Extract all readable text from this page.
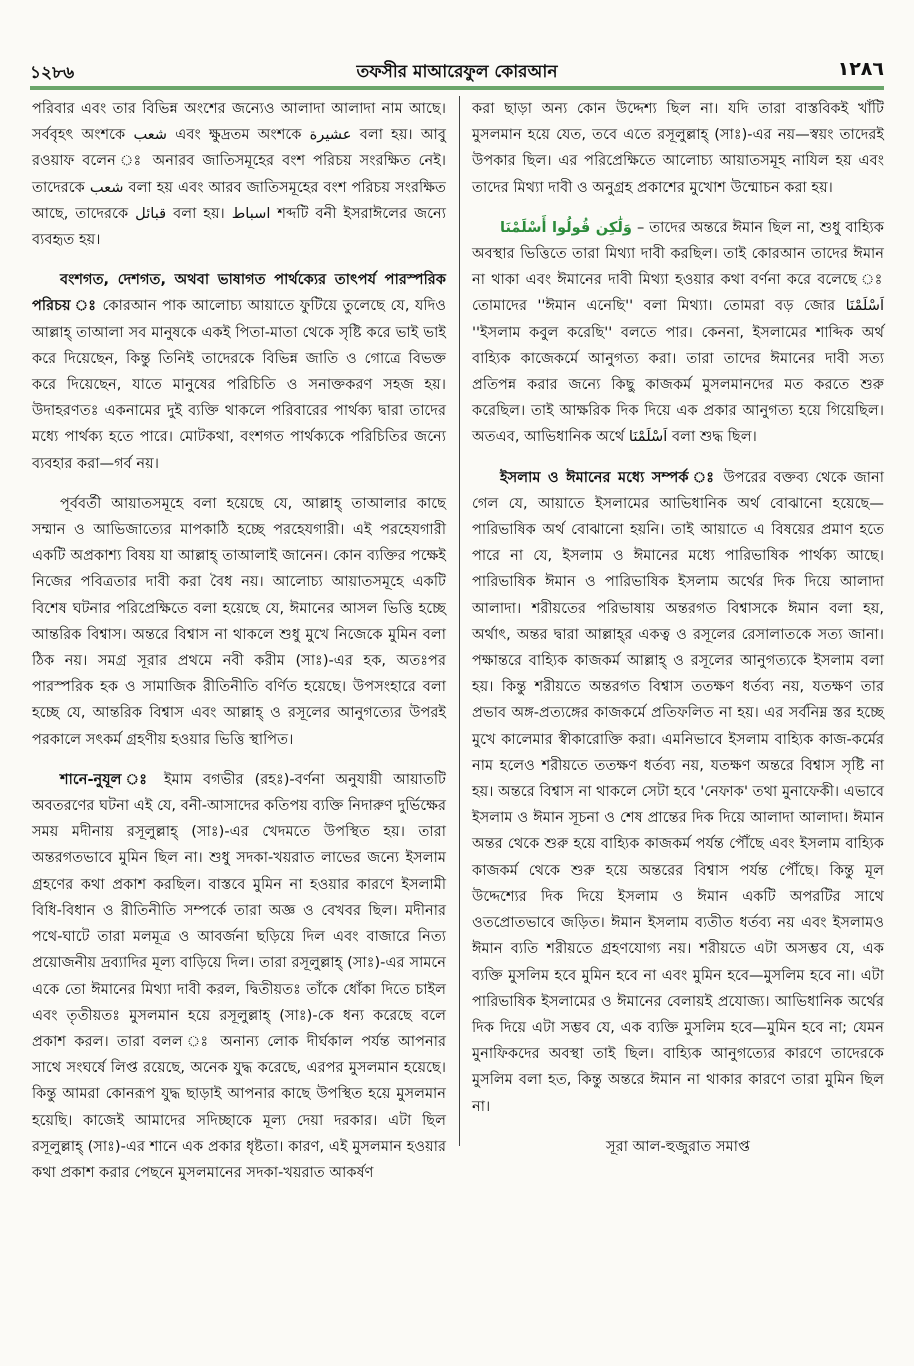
১২৮৬	তফসীর মাআরেফুল কোরআন	١٢٨٦

পরিবার এবং তার বিভিন্ন অংশের জন্যেও আলাদা আলাদা নাম আছে। সর্ববৃহৎ অংশকে شعب এবং ক্ষুদ্রতম অংশকে عشيرة বলা হয়। আবু রওয়াফ বলেন ঃ অনারব জাতিসমূহের বংশ পরিচয় সংরক্ষিত নেই। তাদেরকে شعب বলা হয় এবং আরব জাতিসমূহের বংশ পরিচয় সংরক্ষিত আছে, তাদেরকে قبائل বলা হয়। اسباط শব্দটি বনী ইসরাঈলের জন্যে ব্যবহৃত হয়।

বংশগত, দেশগত, অথবা ভাষাগত পার্থক্যের তাৎপর্য পারস্পরিক পরিচয় ঃ কোরআন পাক আলোচ্য আয়াতে ফুটিয়ে তুলেছে যে, যদিও আল্লাহ্ তাআলা সব মানুষকে একই পিতা-মাতা থেকে সৃষ্টি করে ভাই ভাই করে দিয়েছেন, কিন্তু তিনিই তাদেরকে বিভিন্ন জাতি ও গোত্রে বিভক্ত করে দিয়েছেন, যাতে মানুষের পরিচিতি ও সনাক্তকরণ সহজ হয়। উদাহরণতঃ একনামের দুই ব্যক্তি থাকলে পরিবারের পার্থক্য দ্বারা তাদের মধ্যে পার্থক্য হতে পারে। মোটকথা, বংশগত পার্থক্যকে পরিচিতির জন্যে ব্যবহার করা—গর্ব নয়।

পূর্ববর্তী আয়াতসমূহে বলা হয়েছে যে, আল্লাহ্ তাআলার কাছে সম্মান ও আভিজাত্যের মাপকাঠি হচ্ছে পরহেযগারী। এই পরহেযগারী একটি অপ্রকাশ্য বিষয় যা আল্লাহ্ তাআলাই জানেন। কোন ব্যক্তির পক্ষেই নিজের পবিত্রতার দাবী করা বৈধ নয়। আলোচ্য আয়াতসমূহে একটি বিশেষ ঘটনার পরিপ্রেক্ষিতে বলা হয়েছে যে, ঈমানের আসল ভিত্তি হচ্ছে আন্তরিক বিশ্বাস। অন্তরে বিশ্বাস না থাকলে শুধু মুখে নিজেকে মুমিন বলা ঠিক নয়। সমগ্র সূরার প্রথমে নবী করীম (সাঃ)-এর হক, অতঃপর পারস্পরিক হক ও সামাজিক রীতিনীতি বর্ণিত হয়েছে। উপসংহারে বলা হচ্ছে যে, আন্তরিক বিশ্বাস এবং আল্লাহ্ ও রসূলের আনুগত্যের উপরই পরকালে সৎকর্ম গ্রহণীয় হওয়ার ভিত্তি স্থাপিত।

শানে-নুযূল ঃ ইমাম বগভীর (রহঃ)-বর্ণনা অনুযায়ী আয়াতটি অবতরণের ঘটনা এই যে, বনী-আসাদের কতিপয় ব্যক্তি নিদারুণ দুর্ভিক্ষের সময় মদীনায় রসূলুল্লাহ্ (সাঃ)-এর খেদমতে উপস্থিত হয়। তারা অন্তরগতভাবে মুমিন ছিল না। শুধু সদকা-খয়রাত লাভের জন্যে ইসলাম গ্রহণের কথা প্রকাশ করছিল। বাস্তবে মুমিন না হওয়ার কারণে ইসলামী বিধি-বিধান ও রীতিনীতি সম্পর্কে তারা অজ্ঞ ও বেখবর ছিল। মদীনার পথে-ঘাটে তারা মলমূত্র ও আবর্জনা ছড়িয়ে দিল এবং বাজারে নিত্য প্রয়োজনীয় দ্রব্যাদির মূল্য বাড়িয়ে দিল। তারা রসূলুল্লাহ্ (সাঃ)-এর সামনে একে তো ঈমানের মিথ্যা দাবী করল, দ্বিতীয়তঃ তাঁকে ধোঁকা দিতে চাইল এবং তৃতীয়তঃ মুসলমান হয়ে রসূলুল্লাহ্ (সাঃ)-কে ধন্য করেছে বলে প্রকাশ করল। তারা বলল ঃ অনান্য লোক দীর্ঘকাল পর্যন্ত আপনার সাথে সংঘর্ষে লিপ্ত রয়েছে, অনেক যুদ্ধ করেছে, এরপর মুসলমান হয়েছে। কিন্তু আমরা কোনরূপ যুদ্ধ ছাড়াই আপনার কাছে উপস্থিত হয়ে মুসলমান হয়েছি। কাজেই আমাদের সদিচ্ছাকে মূল্য দেয়া দরকার। এটা ছিল রসূলুল্লাহ্ (সাঃ)-এর শানে এক প্রকার ধৃষ্টতা। কারণ, এই মুসলমান হওয়ার কথা প্রকাশ করার পেছনে মুসলমানের সদকা-খয়রাত আকর্ষণ

করা ছাড়া অন্য কোন উদ্দেশ্য ছিল না। যদি তারা বাস্তবিকই খাঁটি মুসলমান হয়ে যেত, তবে এতে রসূলুল্লাহ্ (সাঃ)-এর নয়—স্বয়ং তাদেরই উপকার ছিল। এর পরিপ্রেক্ষিতে আলোচ্য আয়াতসমূহ নাযিল হয় এবং তাদের মিথ্যা দাবী ও অনুগ্রহ প্রকাশের মুখোশ উন্মোচন করা হয়।

وَلَٰكِن قُولُوا أَسْلَمْنَا – তাদের অন্তরে ঈমান ছিল না, শুধু বাহ্যিক অবস্থার ভিত্তিতে তারা মিথ্যা দাবী করছিল। তাই কোরআন তাদের ঈমান না থাকা এবং ঈমানের দাবী মিথ্যা হওয়ার কথা বর্ণনা করে বলেছে ঃ তোমাদের ''ঈমান এনেছি'' বলা মিথ্যা। তোমরা বড় জোর اَسْلَمْنَا ''ইসলাম কবুল করেছি'' বলতে পার। কেননা, ইসলামের শাব্দিক অর্থ বাহ্যিক কাজেকর্মে আনুগত্য করা। তারা তাদের ঈমানের দাবী সত্য প্রতিপন্ন করার জন্যে কিছু কাজকর্ম মুসলমানদের মত করতে শুরু করেছিল। তাই আক্ষরিক দিক দিয়ে এক প্রকার আনুগত্য হয়ে গিয়েছিল। অতএব, আভিধানিক অর্থে اَسْلَمْنَا বলা শুদ্ধ ছিল।

ইসলাম ও ঈমানের মধ্যে সম্পর্ক ঃ উপরের বক্তব্য থেকে জানা গেল যে, আয়াতে ইসলামের আভিধানিক অর্থ বোঝানো হয়েছে—পারিভাষিক অর্থ বোঝানো হয়নি। তাই আয়াতে এ বিষয়ের প্রমাণ হতে পারে না যে, ইসলাম ও ঈমানের মধ্যে পারিভাষিক পার্থক্য আছে। পারিভাষিক ঈমান ও পারিভাষিক ইসলাম অর্থের দিক দিয়ে আলাদা আলাদা। শরীয়তের পরিভাষায় অন্তরগত বিশ্বাসকে ঈমান বলা হয়, অর্থাৎ, অন্তর দ্বারা আল্লাহ্‌র একত্ব ও রসূলের রেসালাতকে সত্য জানা। পক্ষান্তরে বাহ্যিক কাজকর্ম আল্লাহ্ ও রসূলের আনুগত্যকে ইসলাম বলা হয়। কিন্তু শরীয়তে অন্তরগত বিশ্বাস ততক্ষণ ধর্তব্য নয়, যতক্ষণ তার প্রভাব অঙ্গ-প্রত্যঙ্গের কাজকর্মে প্রতিফলিত না হয়। এর সর্বনিম্ন স্তর হচ্ছে মুখে কালেমার স্বীকারোক্তি করা। এমনিভাবে ইসলাম বাহ্যিক কাজ-কর্মের নাম হলেও শরীয়তে ততক্ষণ ধর্তব্য নয়, যতক্ষণ অন্তরে বিশ্বাস সৃষ্টি না হয়। অন্তরে বিশ্বাস না থাকলে সেটা হবে 'নেফাক' তথা মুনাফেকী। এভাবে ইসলাম ও ঈমান সূচনা ও শেষ প্রান্তের দিক দিয়ে আলাদা আলাদা। ঈমান অন্তর থেকে শুরু হয়ে বাহ্যিক কাজকর্ম পর্যন্ত পৌঁছে এবং ইসলাম বাহ্যিক কাজকর্ম থেকে শুরু হয়ে অন্তরের বিশ্বাস পর্যন্ত পৌঁছে। কিন্তু মূল উদ্দেশ্যের দিক দিয়ে ইসলাম ও ঈমান একটি অপরটির সাথে ওতপ্রোতভাবে জড়িত। ঈমান ইসলাম ব্যতীত ধর্তব্য নয় এবং ইসলামও ঈমান ব্যতি শরীয়তে গ্রহণযোগ্য নয়। শরীয়তে এটা অসম্ভব যে, এক ব্যক্তি মুসলিম হবে মুমিন হবে না এবং মুমিন হবে—মুসলিম হবে না। এটা পারিভাষিক ইসলামের ও ঈমানের বেলায়ই প্রযোজ্য। আভিধানিক অর্থের দিক দিয়ে এটা সম্ভব যে, এক ব্যক্তি মুসলিম হবে—মুমিন হবে না; যেমন মুনাফিকদের অবস্থা তাই ছিল। বাহ্যিক আনুগত্যের কারণে তাদেরকে মুসলিম বলা হত, কিন্তু অন্তরে ঈমান না থাকার কারণে তারা মুমিন ছিল না।

সূরা আল-হুজুরাত সমাপ্ত
